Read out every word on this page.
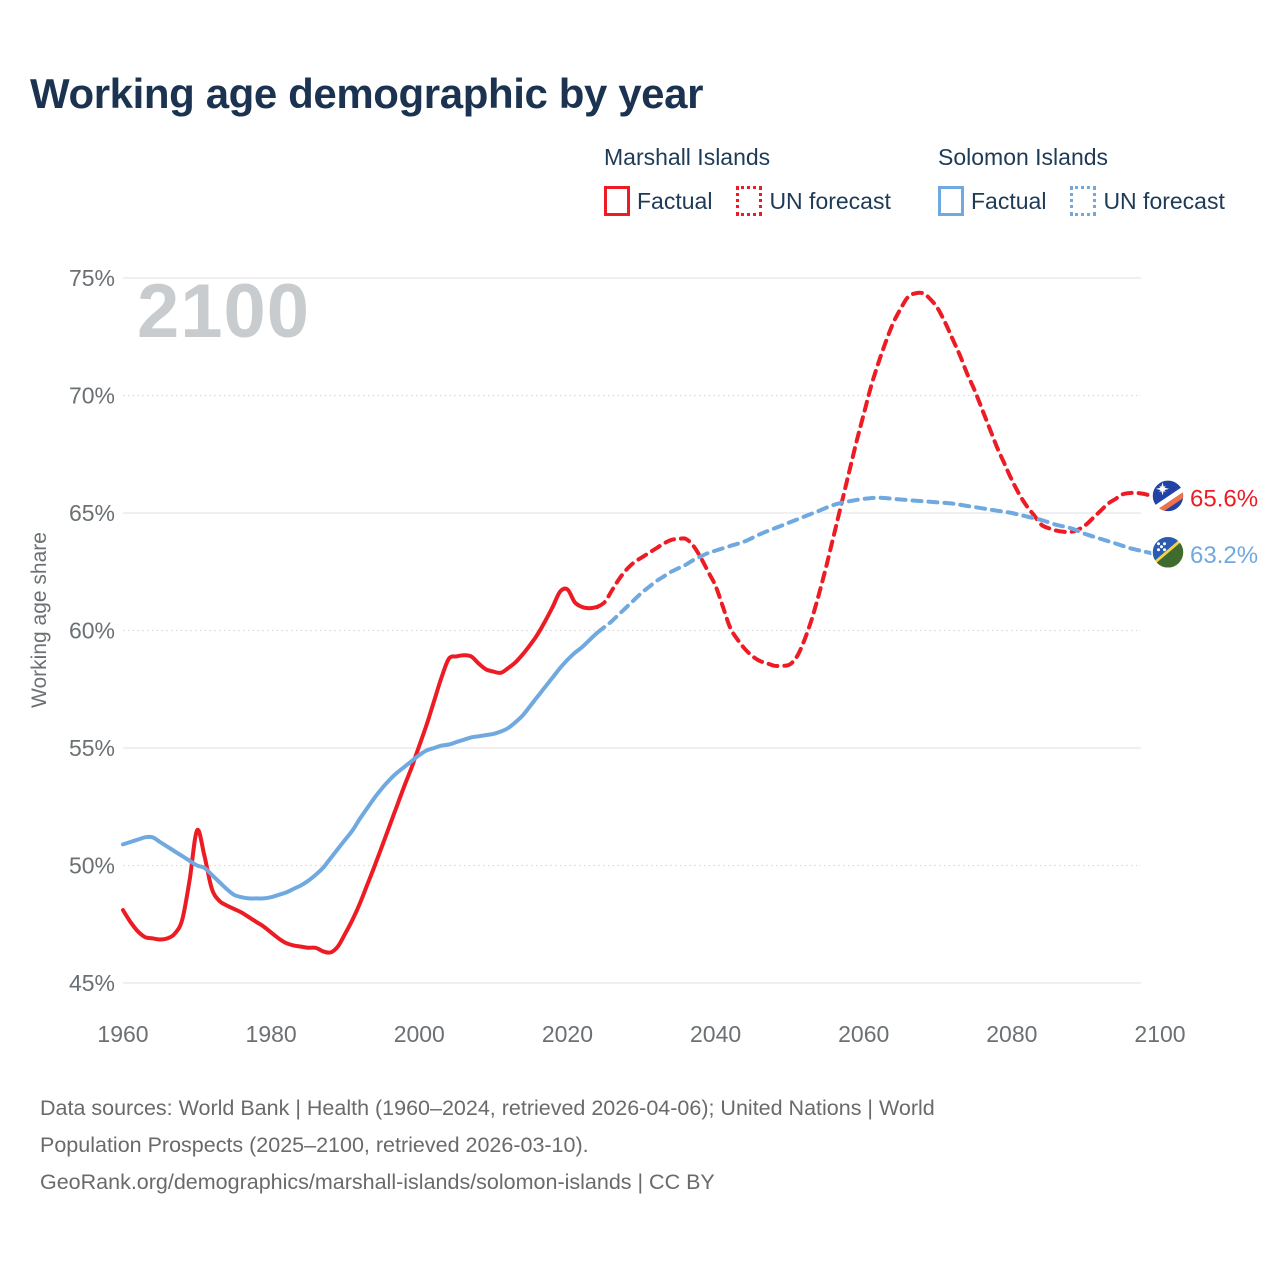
Working age demographic by year
Marshall Islands
Factual UN forecast
Solomon Islands
Factual UN forecast
2100
45%
50%
55%
60%
65%
70%
75%
1960	1980	2000	2020	2040	2060	2080	2100
Working age share
65.6%
63.2%
Data sources: World Bank | Health (1960–2024, retrieved 2026-04-06); United Nations | World
Population Prospects (2025–2100, retrieved 2026-03-10).
GeoRank.org/demographics/marshall-islands/solomon-islands | CC BY
